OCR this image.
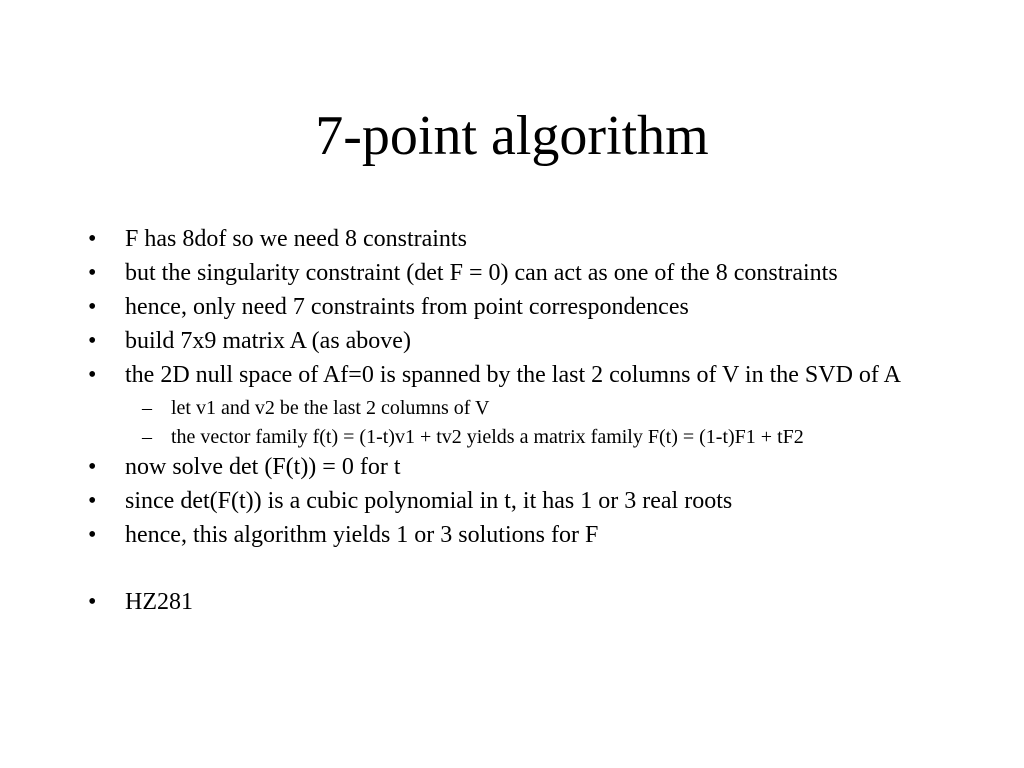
7-point algorithm
• F has 8dof so we need 8 constraints
• but the singularity constraint (det F = 0) can act as one of the 8 constraints
• hence, only need 7 constraints from point correspondences
• build 7x9 matrix A (as above)
• the 2D null space of Af=0 is spanned by the last 2 columns of V in the SVD of A
– let v1 and v2 be the last 2 columns of V
– the vector family f(t) = (1-t)v1 + tv2 yields a matrix family F(t) = (1-t)F1 + tF2
• now solve det (F(t)) = 0 for t
• since det(F(t)) is a cubic polynomial in t, it has 1 or 3 real roots
• hence, this algorithm yields 1 or 3 solutions for F
• HZ281
